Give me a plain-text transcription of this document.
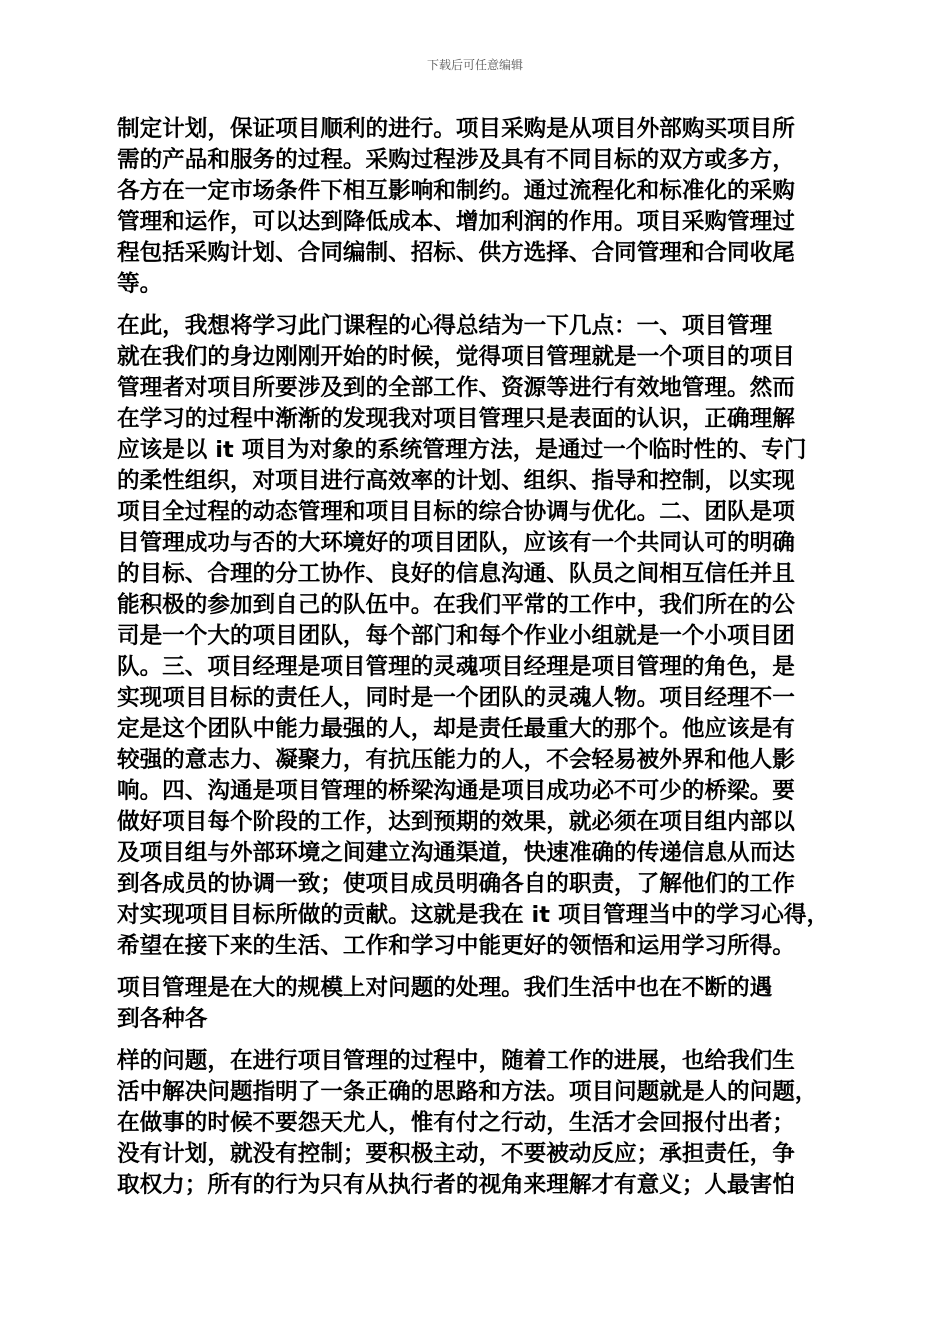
下载后可任意编辑

制定计划，保证项目顺利的进行。项目采购是从项目外部购买项目所
需的产品和服务的过程。采购过程涉及具有不同目标的双方或多方，
各方在一定市场条件下相互影响和制约。通过流程化和标准化的采购
管理和运作，可以达到降低成本、增加利润的作用。项目采购管理过
程包括采购计划、合同编制、招标、供方选择、合同管理和合同收尾
等。

在此，我想将学习此门课程的心得总结为一下几点：一、项目管理
就在我们的身边刚刚开始的时候，觉得项目管理就是一个项目的项目
管理者对项目所要涉及到的全部工作、资源等进行有效地管理。然而
在学习的过程中渐渐的发现我对项目管理只是表面的认识，正确理解
应该是以 it 项目为对象的系统管理方法，是通过一个临时性的、专门
的柔性组织，对项目进行高效率的计划、组织、指导和控制，以实现
项目全过程的动态管理和项目目标的综合协调与优化。二、团队是项
目管理成功与否的大环境好的项目团队，应该有一个共同认可的明确
的目标、合理的分工协作、良好的信息沟通、队员之间相互信任并且
能积极的参加到自己的队伍中。在我们平常的工作中，我们所在的公
司是一个大的项目团队，每个部门和每个作业小组就是一个小项目团
队。三、项目经理是项目管理的灵魂项目经理是项目管理的角色，是
实现项目目标的责任人，同时是一个团队的灵魂人物。项目经理不一
定是这个团队中能力最强的人，却是责任最重大的那个。他应该是有
较强的意志力、凝聚力，有抗压能力的人，不会轻易被外界和他人影
响。四、沟通是项目管理的桥梁沟通是项目成功必不可少的桥梁。要
做好项目每个阶段的工作，达到预期的效果，就必须在项目组内部以
及项目组与外部环境之间建立沟通渠道，快速准确的传递信息从而达
到各成员的协调一致；使项目成员明确各自的职责，了解他们的工作
对实现项目目标所做的贡献。这就是我在 it 项目管理当中的学习心得，
希望在接下来的生活、工作和学习中能更好的领悟和运用学习所得。

项目管理是在大的规模上对问题的处理。我们生活中也在不断的遇
到各种各

样的问题，在进行项目管理的过程中，随着工作的进展，也给我们生
活中解决问题指明了一条正确的思路和方法。项目问题就是人的问题，
在做事的时候不要怨天尤人，惟有付之行动，生活才会回报付出者；
没有计划，就没有控制；要积极主动，不要被动反应；承担责任，争
取权力；所有的行为只有从执行者的视角来理解才有意义；人最害怕
